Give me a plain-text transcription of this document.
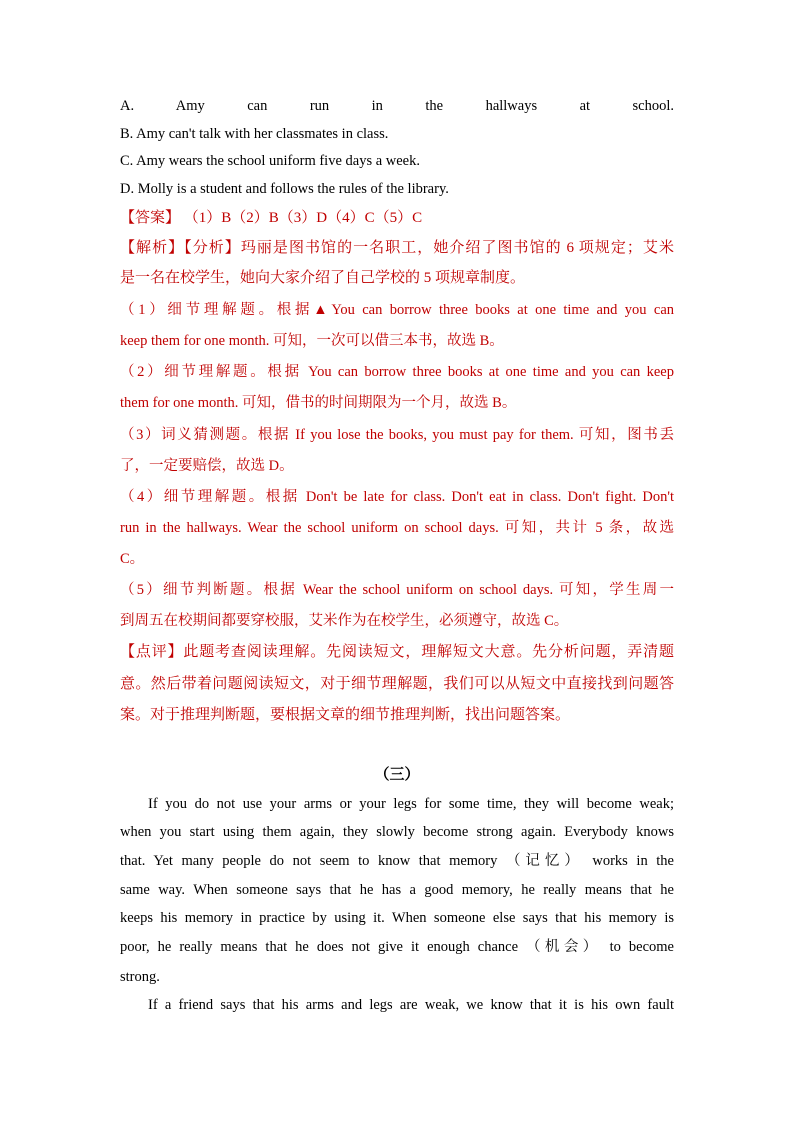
A. Amy can run in the hallways at school.
B. Amy can't talk with her classmates in class.
C. Amy wears the school uniform five days a week.
D. Molly is a student and follows the rules of the library.
【答案】 （1）B（2）B（3）D（4）C（5）C
【解析】【分析】玛丽是图书馆的一名职工，她介绍了图书馆的 6 项规定；艾米
是一名在校学生，她向大家介绍了自己学校的 5 项规章制度。
（1）细节理解题。根据▲You can borrow three books at one time and you can
keep them for one month. 可知，一次可以借三本书，故选 B。
（2）细节理解题。根据 You can borrow three books at one time and you can keep
them for one month. 可知，借书的时间期限为一个月，故选 B。
（3）词义猜测题。根据 If you lose the books, you must pay for them. 可知，图书丢
了，一定要赔偿，故选 D。
（4）细节理解题。根据 Don't be late for class. Don't eat in class. Don't fight. Don't
run in the hallways. Wear the school uniform on school days. 可知，共计 5 条，故选
C。
（5）细节判断题。根据 Wear the school uniform on school days. 可知，学生周一
到周五在校期间都要穿校服，艾米作为在校学生，必须遵守，故选 C。
【点评】此题考查阅读理解。先阅读短文，理解短文大意。先分析问题，弄清题
意。然后带着问题阅读短文，对于细节理解题，我们可以从短文中直接找到问题答
案。对于推理判断题，要根据文章的细节推理判断，找出问题答案。
（三）
If you do not use your arms or your legs for some time, they will become weak;
when you start using them again, they slowly become strong again. Everybody knows
that. Yet many people do not seem to know that memory （记忆） works in the
same way. When someone says that he has a good memory, he really means that he
keeps his memory in practice by using it. When someone else says that his memory is
poor, he really means that he does not give it enough chance （机会） to become
strong.
If a friend says that his arms and legs are weak, we know that it is his own fault
